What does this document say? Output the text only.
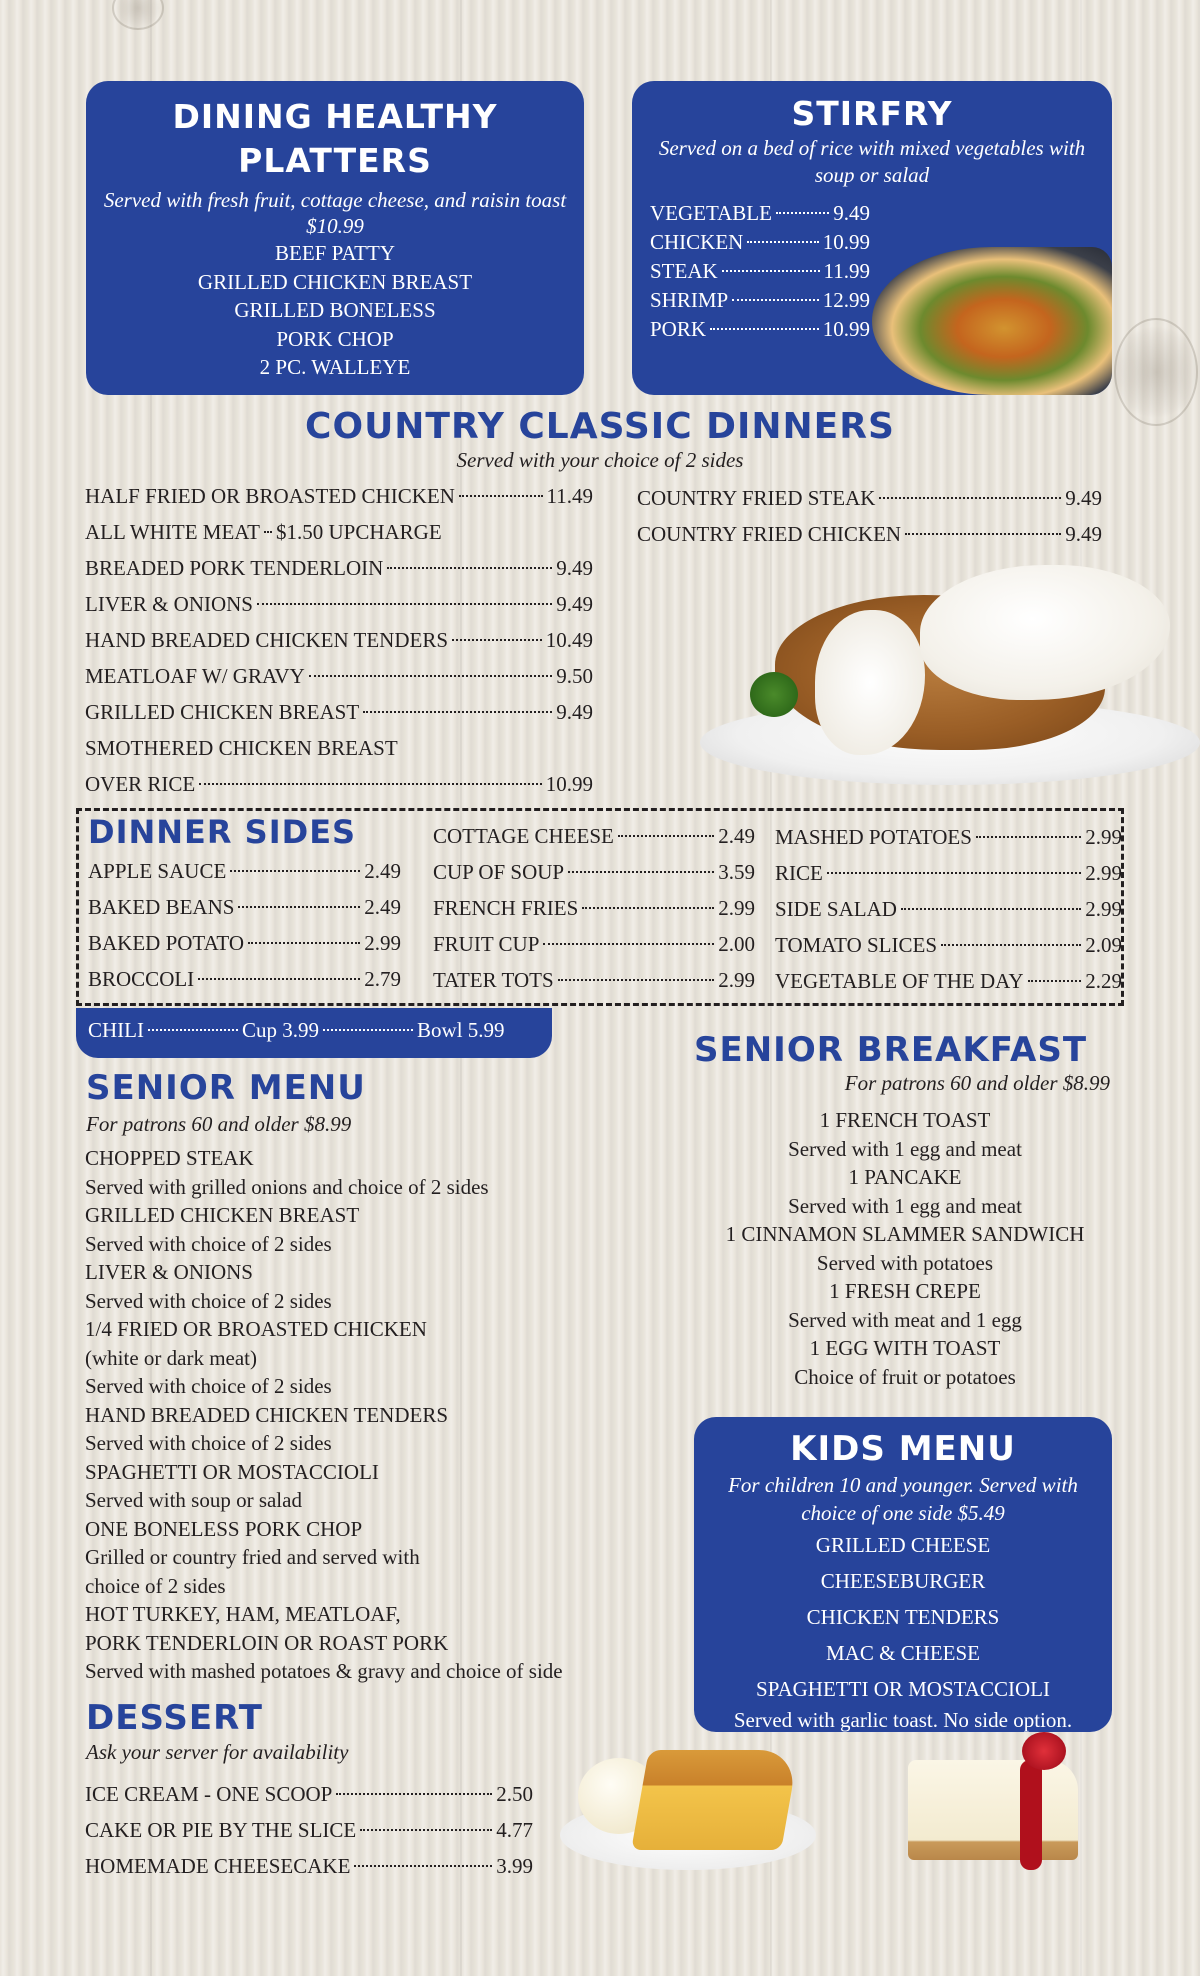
DINING HEALTHY PLATTERS
Served with fresh fruit, cottage cheese, and raisin toast $10.99
BEEF PATTY
GRILLED CHICKEN BREAST
GRILLED BONELESS
PORK CHOP
2 PC. WALLEYE
STIRFRY
Served on a bed of rice with mixed vegetables with soup or salad
VEGETABLE	9.49
CHICKEN	10.99
STEAK	11.99
SHRIMP	12.99
PORK	10.99
COUNTRY CLASSIC DINNERS
Served with your choice of 2 sides
HALF FRIED OR BROASTED CHICKEN	11.49
ALL WHITE MEAT $1.50 UPCHARGE
BREADED PORK TENDERLOIN	9.49
LIVER & ONIONS	9.49
HAND BREADED CHICKEN TENDERS	10.49
MEATLOAF W/ GRAVY	9.50
GRILLED CHICKEN BREAST	9.49
SMOTHERED CHICKEN BREAST
OVER RICE	10.99
COUNTRY FRIED STEAK	9.49
COUNTRY FRIED CHICKEN	9.49
DINNER SIDES
APPLE SAUCE	2.49
BAKED BEANS	2.49
BAKED POTATO	2.99
BROCCOLI	2.79
COTTAGE CHEESE	2.49
CUP OF SOUP	3.59
FRENCH FRIES	2.99
FRUIT CUP	2.00
TATER TOTS	2.99
MASHED POTATOES	2.99
RICE	2.99
SIDE SALAD	2.99
TOMATO SLICES	2.09
VEGETABLE OF THE DAY	2.29
CHILI	Cup 3.99	Bowl 5.99
SENIOR MENU
For patrons 60 and older $8.99
CHOPPED STEAK
Served with grilled onions and choice of 2 sides
GRILLED CHICKEN BREAST
Served with choice of 2 sides
LIVER & ONIONS
Served with choice of 2 sides
1/4 FRIED OR BROASTED CHICKEN
(white or dark meat)
Served with choice of 2 sides
HAND BREADED CHICKEN TENDERS
Served with choice of 2 sides
SPAGHETTI OR MOSTACCIOLI
Served with soup or salad
ONE BONELESS PORK CHOP
Grilled or country fried and served with
choice of 2 sides
HOT TURKEY, HAM, MEATLOAF,
PORK TENDERLOIN OR ROAST PORK
Served with mashed potatoes & gravy and choice of side
DESSERT
Ask your server for availability
ICE CREAM - ONE SCOOP	2.50
CAKE OR PIE BY THE SLICE	4.77
HOMEMADE CHEESECAKE	3.99
SENIOR BREAKFAST
For patrons 60 and older $8.99
1 FRENCH TOAST
Served with 1 egg and meat
1 PANCAKE
Served with 1 egg and meat
1 CINNAMON SLAMMER SANDWICH
Served with potatoes
1 FRESH CREPE
Served with meat and 1 egg
1 EGG WITH TOAST
Choice of fruit or potatoes
KIDS MENU
For children 10 and younger. Served with choice of one side $5.49
GRILLED CHEESE
CHEESEBURGER
CHICKEN TENDERS
MAC & CHEESE
SPAGHETTI OR MOSTACCIOLI
Served with garlic toast. No side option.
